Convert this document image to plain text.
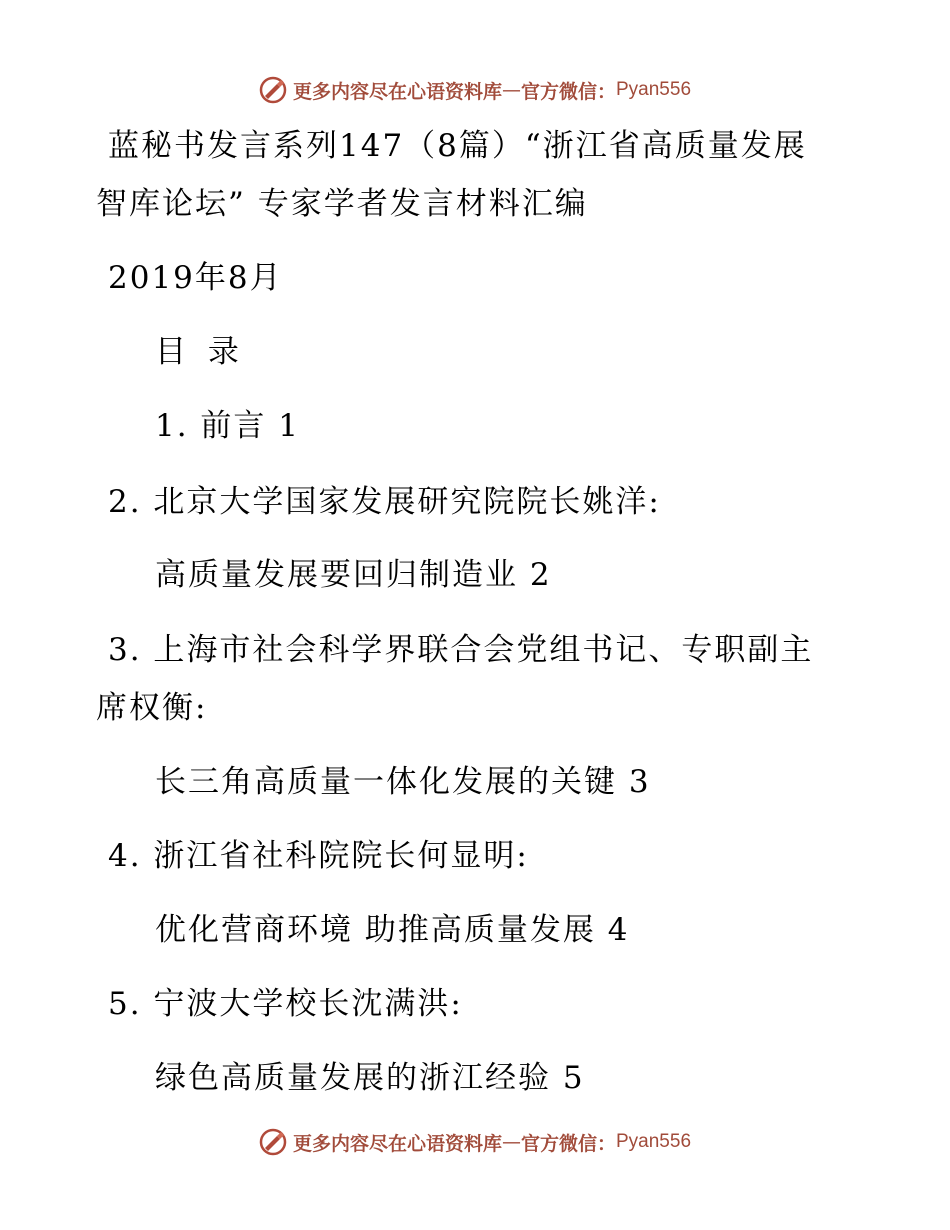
更多内容尽在心语资料库 — 官方微信： Pyan556
蓝秘书发言系列147（8篇）“浙江省高质量发展
智库论坛” 专家学者发言材料汇编
2019年8月
目 录
1. 前言 1
2. 北京大学国家发展研究院院长姚洋:
高质量发展要回归制造业 2
3. 上海市社会科学界联合会党组书记、专职副主
席权衡:
长三角高质量一体化发展的关键 3
4. 浙江省社科院院长何显明:
优化营商环境 助推高质量发展 4
5. 宁波大学校长沈满洪:
绿色高质量发展的浙江经验 5
更多内容尽在心语资料库 — 官方微信： Pyan556
